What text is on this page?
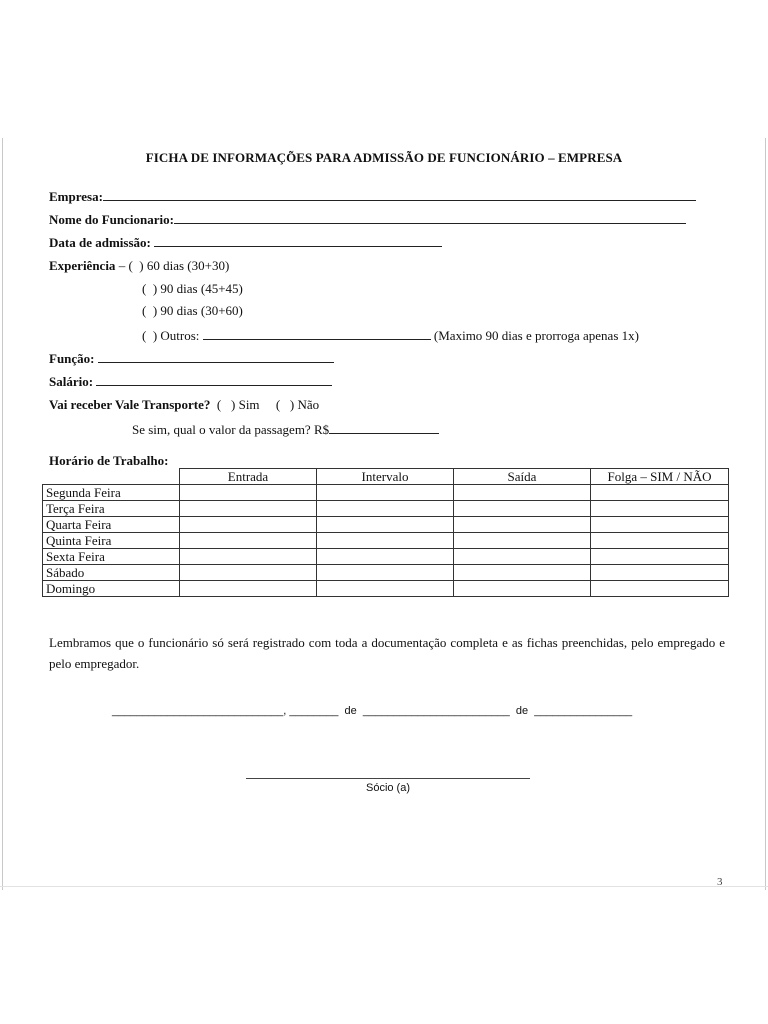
3
FICHA DE INFORMAÇÕES PARA ADMISSÃO DE FUNCIONÁRIO – EMPRESA
Empresa:
Nome do Funcionario:
Data de admissão:
Experiência – (  ) 60 dias (30+30)
(  ) 90 dias (45+45)
(  ) 90 dias (30+60)
(  ) Outros:	(Maximo 90 dias e prorroga apenas 1x)
Função:
Salário:
Vai receber Vale Transporte? (   ) Sim (   ) Não
Se sim, qual o valor da passagem? R$
Horário de Trabalho:
	Entrada	Intervalo	Saída	Folga – SIM / NÃO
Segunda Feira				
Terça Feira				
Quarta Feira				
Quinta Feira				
Sexta Feira				
Sábado				
Domingo				
Lembramos que o funcionário só será registrado com toda a documentação completa e as fichas preenchidas, pelo empregado e pelo empregador.
____________________________, ________ de ________________________ de ________________
Sócio (a)
